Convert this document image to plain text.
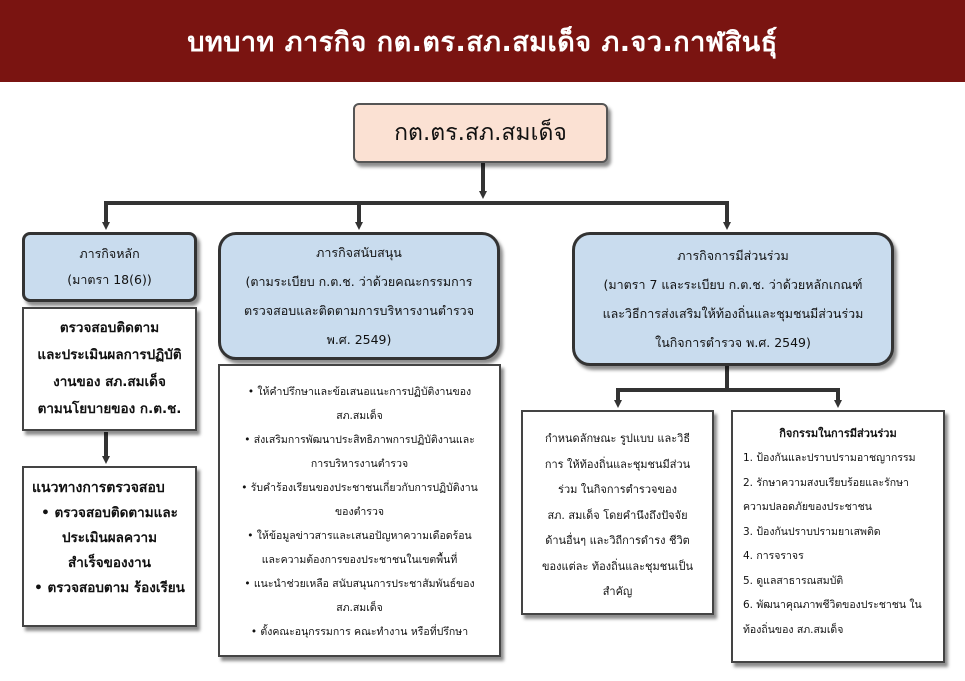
บทบาท ภารกิจ กต.ตร.สภ.สมเด็จ ภ.จว.กาฬสินธุ์
กต.ตร.สภ.สมเด็จ
ภารกิจหลัก
(มาตรา 18(6))
ตรวจสอบติดตาม
และประเมินผลการปฏิบัติ
งานของ สภ.สมเด็จ
ตามนโยบายของ ก.ต.ช.
แนวทางการตรวจสอบ
• ตรวจสอบติดตามและ
ประเมินผลความ
สำเร็จของงาน
• ตรวจสอบตาม ร้องเรียน
ภารกิจสนับสนุน
(ตามระเบียบ ก.ต.ช. ว่าด้วยคณะกรรมการ
ตรวจสอบและติดตามการบริหารงานตำรวจ
พ.ศ. 2549)
• ให้คำปรึกษาและข้อเสนอแนะการปฏิบัติงานของ
สภ.สมเด็จ
• ส่งเสริมการพัฒนาประสิทธิภาพการปฏิบัติงานและ
การบริหารงานตำรวจ
• รับคำร้องเรียนของประชาชนเกี่ยวกับการปฏิบัติงาน
ของตำรวจ
• ให้ข้อมูลข่าวสารและเสนอปัญหาความเดือดร้อน
และความต้องการของประชาชนในเขตพื้นที่
• แนะนำช่วยเหลือ สนับสนุนการประชาสัมพันธ์ของ
สภ.สมเด็จ
• ตั้งคณะอนุกรรมการ คณะทำงาน หรือที่ปรึกษา
ภารกิจการมีส่วนร่วม
(มาตรา 7 และระเบียบ ก.ต.ช. ว่าด้วยหลักเกณฑ์
และวิธีการส่งเสริมให้ท้องถิ่นและชุมชนมีส่วนร่วม
ในกิจการตำรวจ พ.ศ. 2549)
กำหนดลักษณะ รูปแบบ และวิธี
การ ให้ท้องถิ่นและชุมชนมีส่วน
ร่วม ในกิจการตำรวจของ
สภ. สมเด็จ โดยคำนึงถึงปัจจัย
ด้านอื่นๆ และวิถีการดำรง ชีวิต
ของแต่ละ ท้องถิ่นและชุมชนเป็น
สำคัญ
กิจกรรมในการมีส่วนร่วม
1. ป้องกันและปราบปรามอาชญากรรม
2. รักษาความสงบเรียบร้อยและรักษา
ความปลอดภัยของประชาชน
3. ป้องกันปราบปรามยาเสพติด
4. การจราจร
5. ดูแลสาธารณสมบัติ
6. พัฒนาคุณภาพชีวิตของประชาชน ใน
ท้องถิ่นของ สภ.สมเด็จ
